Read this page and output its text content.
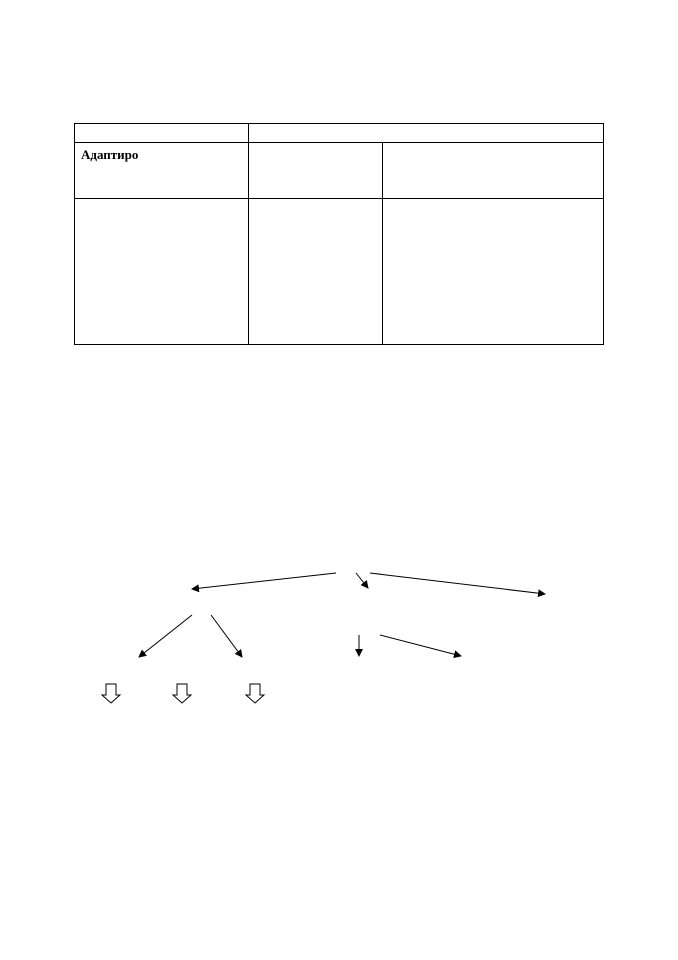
Адаптиро
